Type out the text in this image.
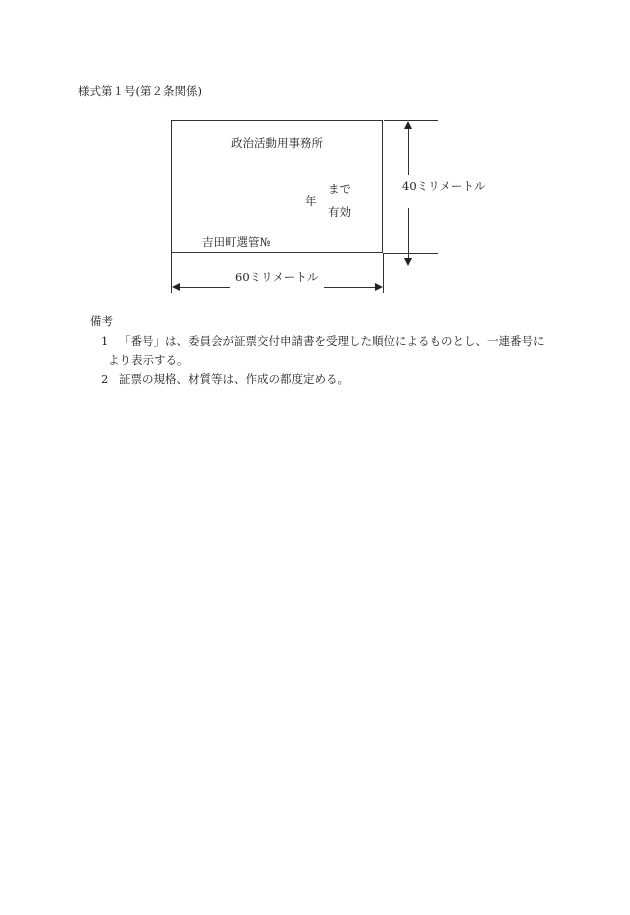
様式第１号(第２条関係)
政治活動用事務所
まで
年
有効
吉田町選管№
40ミリメートル
60ミリメートル
備考
1 「番号」は、委員会が証票交付申請書を受理した順位によるものとし、一連番号に
より表示する。
2 証票の規格、材質等は、作成の都度定める。
